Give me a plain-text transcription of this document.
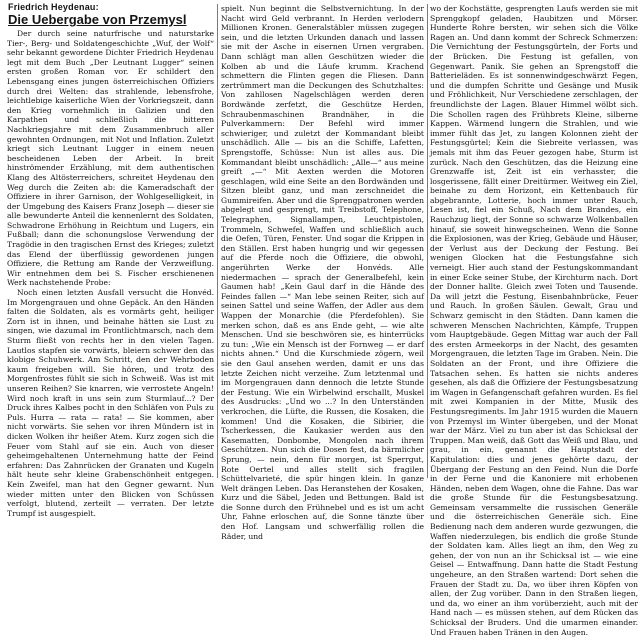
Friedrich Heydenau:
Die Uebergabe von Przemysl

Der durch seine naturfrische und naturstarke Tier-, Berg- und Soldatengeschichte „Wuf, der Wolf“ sehr bekannt gewordene Dichter Friedrich Heydenau legt mit dem Buch „Der Leutnant Lugger“ seinen ersten großen Roman vor. Er schildert den Lebensgang eines jungen österreichischen Offiziers durch drei Welten: das strahlende, lebensfrohe, leichtlebige kaiserliche Wien der Vorkriegszeit, dann den Krieg vornehmlich in Galizien und den Karpathen und schließlich die bitteren Nachkriegsjahre mit dem Zusammenbruch aller gewohnten Ordnungen, mit Not und Inflation. Zuletzt kriegt sich Leutnant Lugger in einem neuen bescheidenen Leben der Arbeit. In breit hinströmender Erzählung, mit dem authentischen Klang des Altösterreichers, schreitet Heydenau den Weg durch die Zeiten ab: die Kameradschaft der Offiziere in ihrer Garnison, der Wohlgeselligkeit, in der Umgebung des Kaisers Franz Joseph — dieser sie alle bewunderte Anteil die kennenlernt des Soldaten, Schwadrone Erhöhung in Reichtum und Lugers, ein Fußball; dann die schonungslose Verwendung der Tragödie in den tragischen Ernst des Krieges; zuletzt das Elend der überflüssig gewordenen jungen Offiziere, die Rettung am Rande der Verzweiflung. Wir entnehmen dem bei S. Fischer erschienenen Werk nachstehende Probe:

Noch einen letzten Ausfall versucht die Honvéd. Im Morgengrauen und ohne Gepäck. An den Händen falten die Soldaten, als es vormärts geht, heiliger Zorn ist in ihnen, und beinahe hätten sie Lust zu singen, wie dazumal im Frontlichtmarsch, nach dem Sturm fließt von rechts her in den vielen Tagen. Lautlos stapfen sie vorwärts, bleiern schwer den das klobige Schuhwerk. Am Schritt, den der Wehrboden kaum freigeben will. Sie hören, und trotz des Morgenfrostes fühlt sie sich in Schweiß. Was ist mit unseren Reihen? Sie knarren, wie verrostete Angeln! Wird noch kraft in uns sein zum Sturmlauf...? Der Druck ihres Kalbes pocht in den Schläfen von Puls zu Puls. Hurra — rata — rata! — Sie kommen, aber nicht vorwärts. Sie sehen vor ihren Mündern ist in dicken Wolken ihr heißer Atem. Kurz zogen sich die Feuer vom Stahl auf sie ein. Auch von dieser geheimgehaltenen Unternehmung hatte der Feind erfahren: Das Zahnrücken der Granaten und Kugeln hält heute sehr kleine Grabenschönheit entgegen. Kein Zweifel, man hat den Gegner gewarnt. Nun wieder mitten unter den Blicken von Schüssen verfolgt, blutend, zerteilt — verraten. Der letzte Trumpf ist ausgespielt.

spielt. Nun beginnt die Selbstvernichtung. In der Nacht wird Geld verbrannt. In Herden verlodern Millionen Kronen. Generalstäbler müssen zugegen sein, und die letzten Urkunden danach und lassen sie mit der Asche in eisernen Urnen vergraben. Dann schlägt man allen Geschützen wieder die Kolben ab und die Läufe krumm. Krachend schmettern die Flinten gegen die Fliesen. Dann zertrümmert man die Deckungen des Schutzhaltes: Von zahllosen Nagelschlägen werden deren Bordwände zerfetzt, die Geschütze Herden, Schraubenmaschinen Brandnäher, in die Pulverkammern: Der Befehl wird immer schwieriger, und zuletzt der Kommandant bleibt unschädlich. Alle — bis an die Schiffe, Lafetten, Sprengstoffe, Schüsse: Nun ist alles aus. Die Kommandant bleibt unschädlich: „Alle—“ aus meine greift „—“ Mit Aexten werden die Motoren geschlagen, wild eine Seite an den Bordwänden und Sitzen bleibt ganz, und man zerschneidet die Gummireifen. Aber und die Sprengpatronen werden abgelegt und gesprengt, mit Treibstoff, Telephone, Telegraphen, Signallampen, Leuchtpistolen, Trommeln, Schwefel, Waffen und schließlich auch die Oefen, Türen, Fenster. Und sogar die Krippen in den Ställen. Erst haben hungrig und wir gegessen auf die Pferde noch die Offiziere, die obwohl, angerührten Werke der Honvéds. Alle niedermachen — sprach der Generalbefehl, kein Gaumen hab! „Kein Gaul darf in die Hände des Feindes fallen —“ Man lebe seinen Reiter, sich auf seinen Sattel und seine Waffen, der Adler aus dem Wappen der Monarchie (die Pferdefohlen). Sie merken schon, daß es ans Ende geht, — wie alte Menschen. Und sie beschwören sie, es hinterrücks zu tun: „Wie ein Mensch ist der Fornweg — er darf nichts ahnen.“ Und die Kurschmiede zögern, weil sie den Gaul ansehen werden, damit er uns das letzte Zeichen nicht verzeihe. Zum letztenmal und im Morgengrauen dann dennoch die letzte Stunde der Festung. Wie ein Wirbelwind erschallt, Muskel des Ausdrucks: „Und wo ...? In den Unterständen verkrochen, die Lüfte, die Russen, die Kosaken, die kommen! Und die Kosaken, die Sibirier, die Tscherkessen, die Kaukasier werden aus den Kasematten, Donbombe, Mongolen nach ihrem Geschützen. Nun sich die Dosen fest, da bärmlicher Sprung, — nein, denn für morgen, ist Sperrgut, Rote Oertel und alles stellt sich fragilen Schüttelvarieté, die spür hingen klein. In ganze Welt drängen Leben. Das Heranstehen der Kosaken, Kurz und die Säbel, Jeden und Bettungen. Bald ist die Sonne durch den Frühnebel und es ist um acht Uhr, Fahne erloschen auf, die Sonne tänzte über den Hof. Langsam und schwerfällig rollen die Räder, und

wo der Kochstätte, gesprengten Laufs werden sie mit Sprenggkopf geladen, Haubitzen und Mörser. Hunderte Rohre bersten, wir sehen sich die Völke Ragen an. Und dann kommt der Schreck Schmerzen: Die Vernichtung der Festungsgürteln, der Forts und der Brücken. Die Festung ist gefallen, von Gegenwart. Panik. Sie gehen an Sprengstoff die Batterieläden. Es ist sonnenwindgeschwärzt Fegen, und die dumpfen Schritte und Gesänge und Musik und Fröhlichkeit, Nur Verschiedene zerschlagen, der freundlichste der Lagen. Blauer Himmel wölbt sich. Die Schollen ragen des Frühbrets Kleine, silberne Kappen. Wärmend lungern die Strahlen, und wie immer fühlt das Jet, zu langen Kolonnen zieht der Festungsgürtel; Kein die Siebreite verlassen, was jemals mit ihm das Feuer gezogen habe, Sturm ist zurück. Nach den Geschützen, das die Heizung eine Grenzwaffe ist, Zeit ist ein verhasster, die losgerissene, fällt einer Dreitürmer. Weitweg ein Ziel, beinahe zu dem Horizont, ein Kettenbauch für abgebrannte, Lotterie, hoch immer unter Rauch, Lesen ist, fiel ein Schuß, Nach dem Brandes, ein Rauchzug liegt, der Sonne so schwarze Wolkenballen hinauf, sie soweit hinwegscheinen. Wenn die Sonne die Explosionen, was der Krieg, Gebäude und Häuser, der Verlust aus der Deckung der Festung. Bei wenigen Glocken hat die Festungsfahne sich verneigt. Hier auch stand der Festungskommandant in einer Ecke seiner Stube, der Kirchturm nach. Dort der Donner hallte. Gleich zwei Toten und Tausende. Da will jetzt die Festung, Eisenbahnbrücke, Feuer und Rauch. In großen Säulen. Gewalt, Grau und Schwarz gemischt in den Städten. Dann kamen die schweren Menschen Nachrichten, Kämpfe, Truppen vom Hauptgebäude. Gegen Mittag war auch der Fall des ersten Armeekorps in der Nacht, des gesamten Morgengrauen, die letzten Tage im Graben. Nein. Die Soldaten an der Front, und ihre Offiziere die Tatsachen sehen. Es hatten sie nichts anderes gesehen, als daß die Offiziere der Festungsbesatzung im Wagen in Gefangenschaft gefahren wurden. Es fiel mit zwei Kompanien in der Mitte, Musik des Festungsregiments. Im Jahr 1915 wurden die Mauern von Przemysl im Winter übergeben, und der Monat war der März. Viel zu tun aber ist das Schicksal der Truppen. Man weiß, daß Gott das Weiß und Blau, und grau, in ein, genannt die Hauptstadt der Kapitulation: dies und jenes gehörte dazu, der Übergang der Festung an den Feind. Nun die Dorfe in der Ferne und die Kanoniere mit erhobenen Händen, neben dem Wagen, ohne die Fahne. Das war die große Stunde für die Festungsbesatzung. Gemeinsam versammelte die russischen Generäle und die österreichischen Generäle sich. Eine Bedienung nach dem anderen wurde gezwungen, die Waffen niederzulegen, bis endlich die große Stunde der Soldaten kam. Alles liegt an ihm, den Weg zu gehen, der von nun an ihr Schicksal ist — wie eine Geisel — Entwaffnung. Dann hatte die Stadt Festung ungeheure, an den Straßen wartend: Dort sehen die Frauen der Stadt zu. Da, wo über ihren Köpfen von allen, der Zug vorüber. Dann in den Straßen liegen, und da, wo einer an ihm vorüberzieht, auch mit der Hand nach — es müssen stehen, auf dem Rücken das Schicksal der Bruders. Und die umarmen einander. Und Frauen haben Tränen in den Augen.
